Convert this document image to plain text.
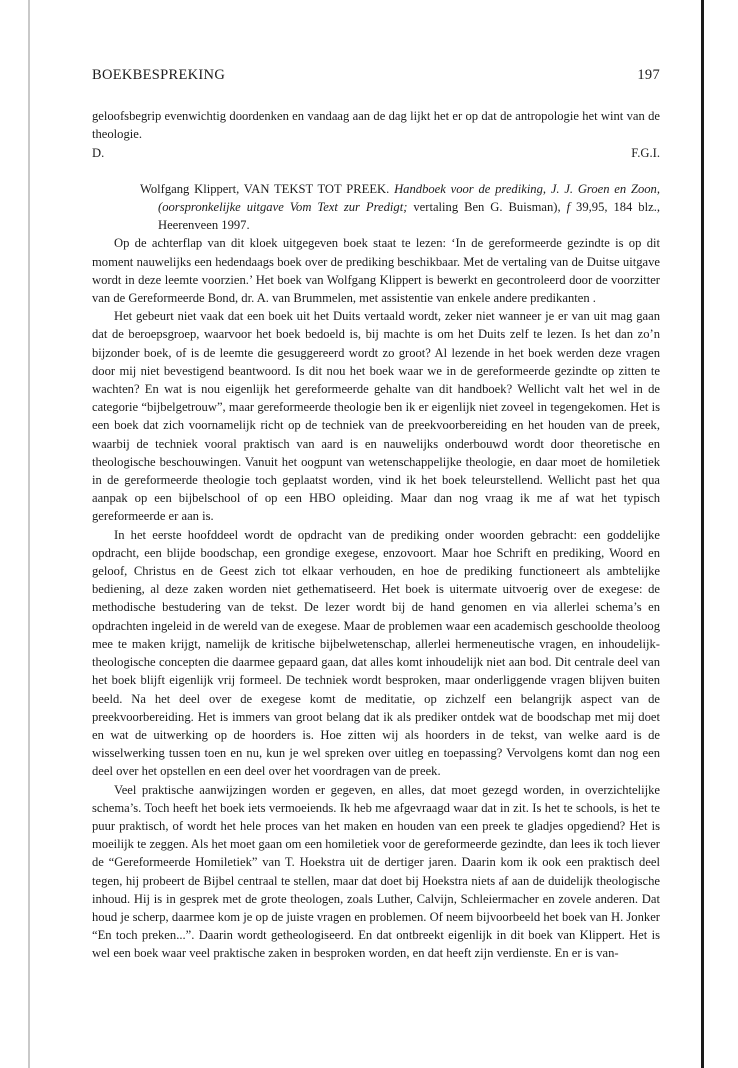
BOEKBESPREKING	197

geloofsbegrip evenwichtig doordenken en vandaag aan de dag lijkt het er op dat de antropologie het wint van de theologie.

D.	F.G.I.

Wolfgang Klippert, VAN TEKST TOT PREEK. Handboek voor de prediking, J. J. Groen en Zoon, (oorspronkelijke uitgave Vom Text zur Predigt; vertaling Ben G. Buisman), f 39,95, 184 blz., Heerenveen 1997.

Op de achterflap van dit kloek uitgegeven boek staat te lezen: ‘In de gereformeerde gezindte is op dit moment nauwelijks een hedendaags boek over de prediking beschikbaar. Met de vertaling van de Duitse uitgave wordt in deze leemte voorzien.’ Het boek van Wolfgang Klippert is bewerkt en gecontroleerd door de voorzitter van de Gereformeerde Bond, dr. A. van Brummelen, met assistentie van enkele andere predikanten .

Het gebeurt niet vaak dat een boek uit het Duits vertaald wordt, zeker niet wanneer je er van uit mag gaan dat de beroepsgroep, waarvoor het boek bedoeld is, bij machte is om het Duits zelf te lezen. Is het dan zo’n bijzonder boek, of is de leemte die gesuggereerd wordt zo groot? Al lezende in het boek werden deze vragen door mij niet bevestigend beantwoord. Is dit nou het boek waar we in de gereformeerde gezindte op zitten te wachten? En wat is nou eigenlijk het gereformeerde gehalte van dit handboek? Wellicht valt het wel in de categorie “bijbelgetrouw”, maar gereformeerde theologie ben ik er eigenlijk niet zoveel in tegengekomen. Het is een boek dat zich voornamelijk richt op de techniek van de preekvoorbereiding en het houden van de preek, waarbij de techniek vooral praktisch van aard is en nauwelijks onderbouwd wordt door theoretische en theologische beschouwingen. Vanuit het oogpunt van wetenschappelijke theologie, en daar moet de homiletiek in de gereformeerde theologie toch geplaatst worden, vind ik het boek teleurstellend. Wellicht past het qua aanpak op een bijbelschool of op een HBO opleiding. Maar dan nog vraag ik me af wat het typisch gereformeerde er aan is.

In het eerste hoofddeel wordt de opdracht van de prediking onder woorden gebracht: een goddelijke opdracht, een blijde boodschap, een grondige exegese, enzovoort. Maar hoe Schrift en prediking, Woord en geloof, Christus en de Geest zich tot elkaar verhouden, en hoe de prediking functioneert als ambtelijke bediening, al deze zaken worden niet gethematiseerd. Het boek is uitermate uitvoerig over de exegese: de methodische bestudering van de tekst. De lezer wordt bij de hand genomen en via allerlei schema’s en opdrachten ingeleid in de wereld van de exegese. Maar de problemen waar een academisch geschoolde theoloog mee te maken krijgt, namelijk de kritische bijbelwetenschap, allerlei hermeneutische vragen, en inhoudelijk-theologische concepten die daarmee gepaard gaan, dat alles komt inhoudelijk niet aan bod. Dit centrale deel van het boek blijft eigenlijk vrij formeel. De techniek wordt besproken, maar onderliggende vragen blijven buiten beeld. Na het deel over de exegese komt de meditatie, op zichzelf een belangrijk aspect van de preekvoorbereiding. Het is immers van groot belang dat ik als prediker ontdek wat de boodschap met mij doet en wat de uitwerking op de hoorders is. Hoe zitten wij als hoorders in de tekst, van welke aard is de wisselwerking tussen toen en nu, kun je wel spreken over uitleg en toepassing? Vervolgens komt dan nog een deel over het opstellen en een deel over het voordragen van de preek.

Veel praktische aanwijzingen worden er gegeven, en alles, dat moet gezegd worden, in overzichtelijke schema’s. Toch heeft het boek iets vermoeiends. Ik heb me afgevraagd waar dat in zit. Is het te schools, is het te puur praktisch, of wordt het hele proces van het maken en houden van een preek te gladjes opgediend? Het is moeilijk te zeggen. Als het moet gaan om een homiletiek voor de gereformeerde gezindte, dan lees ik toch liever de “Gereformeerde Homiletiek” van T. Hoekstra uit de dertiger jaren. Daarin kom ik ook een praktisch deel tegen, hij probeert de Bijbel centraal te stellen, maar dat doet bij Hoekstra niets af aan de duidelijk theologische inhoud. Hij is in gesprek met de grote theologen, zoals Luther, Calvijn, Schleiermacher en zovele anderen. Dat houd je scherp, daarmee kom je op de juiste vragen en problemen. Of neem bijvoorbeeld het boek van H. Jonker “En toch preken...”. Daarin wordt getheologiseerd. En dat ontbreekt eigenlijk in dit boek van Klippert. Het is wel een boek waar veel praktische zaken in besproken worden, en dat heeft zijn verdienste. En er is van-
